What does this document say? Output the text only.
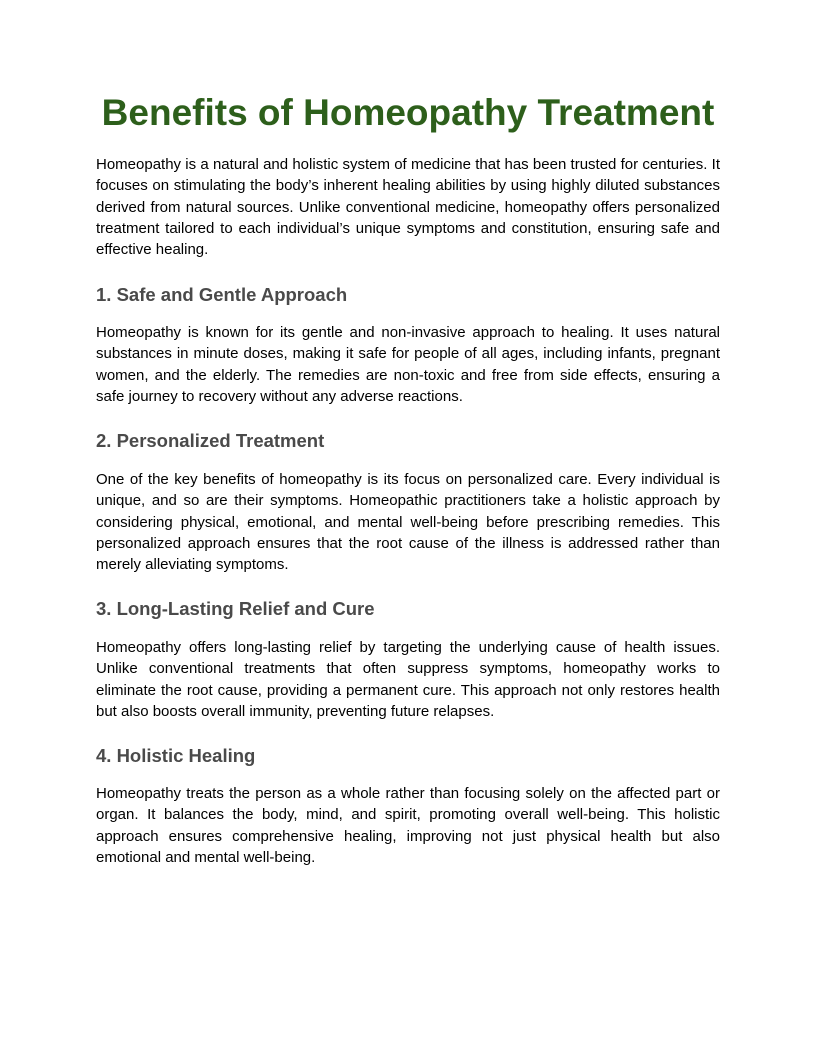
Benefits of Homeopathy Treatment

Homeopathy is a natural and holistic system of medicine that has been trusted for centuries. It focuses on stimulating the body’s inherent healing abilities by using highly diluted substances derived from natural sources. Unlike conventional medicine, homeopathy offers personalized treatment tailored to each individual’s unique symptoms and constitution, ensuring safe and effective healing.

1. Safe and Gentle Approach

Homeopathy is known for its gentle and non-invasive approach to healing. It uses natural substances in minute doses, making it safe for people of all ages, including infants, pregnant women, and the elderly. The remedies are non-toxic and free from side effects, ensuring a safe journey to recovery without any adverse reactions.

2. Personalized Treatment

One of the key benefits of homeopathy is its focus on personalized care. Every individual is unique, and so are their symptoms. Homeopathic practitioners take a holistic approach by considering physical, emotional, and mental well-being before prescribing remedies. This personalized approach ensures that the root cause of the illness is addressed rather than merely alleviating symptoms.

3. Long-Lasting Relief and Cure

Homeopathy offers long-lasting relief by targeting the underlying cause of health issues. Unlike conventional treatments that often suppress symptoms, homeopathy works to eliminate the root cause, providing a permanent cure. This approach not only restores health but also boosts overall immunity, preventing future relapses.

4. Holistic Healing

Homeopathy treats the person as a whole rather than focusing solely on the affected part or organ. It balances the body, mind, and spirit, promoting overall well-being. This holistic approach ensures comprehensive healing, improving not just physical health but also emotional and mental well-being.
